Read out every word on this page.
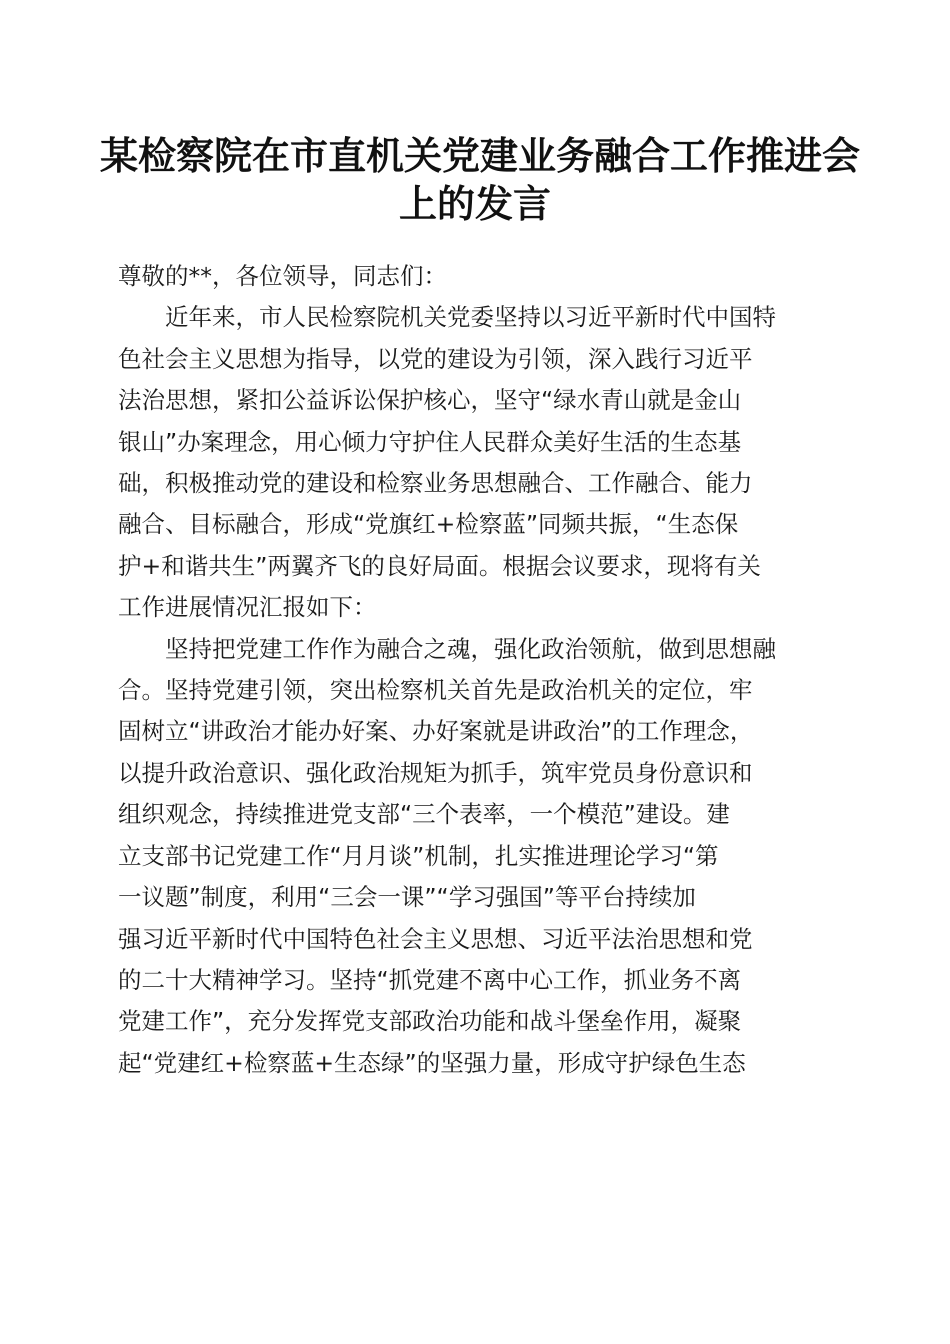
某检察院在市直机关党建业务融合工作推进会
上的发言

尊敬的**，各位领导，同志们：

近年来，市人民检察院机关党委坚持以习近平新时代中国特
色社会主义思想为指导，以党的建设为引领，深入践行习近平
法治思想，紧扣公益诉讼保护核心，坚守“绿水青山就是金山
银山”办案理念，用心倾力守护住人民群众美好生活的生态基
础，积极推动党的建设和检察业务思想融合、工作融合、能力
融合、目标融合，形成“党旗红+检察蓝”同频共振，“生态保
护+和谐共生”两翼齐飞的良好局面。根据会议要求，现将有关
工作进展情况汇报如下：

坚持把党建工作作为融合之魂，强化政治领航，做到思想融
合。坚持党建引领，突出检察机关首先是政治机关的定位，牢
固树立“讲政治才能办好案、办好案就是讲政治”的工作理念，
以提升政治意识、强化政治规矩为抓手，筑牢党员身份意识和
组织观念，持续推进党支部“三个表率，一个模范”建设。建
立支部书记党建工作“月月谈”机制，扎实推进理论学习“第
一议题”制度，利用“三会一课”“学习强国”等平台持续加
强习近平新时代中国特色社会主义思想、习近平法治思想和党
的二十大精神学习。坚持“抓党建不离中心工作，抓业务不离
党建工作”，充分发挥党支部政治功能和战斗堡垒作用，凝聚
起“党建红+检察蓝+生态绿”的坚强力量，形成守护绿色生态
